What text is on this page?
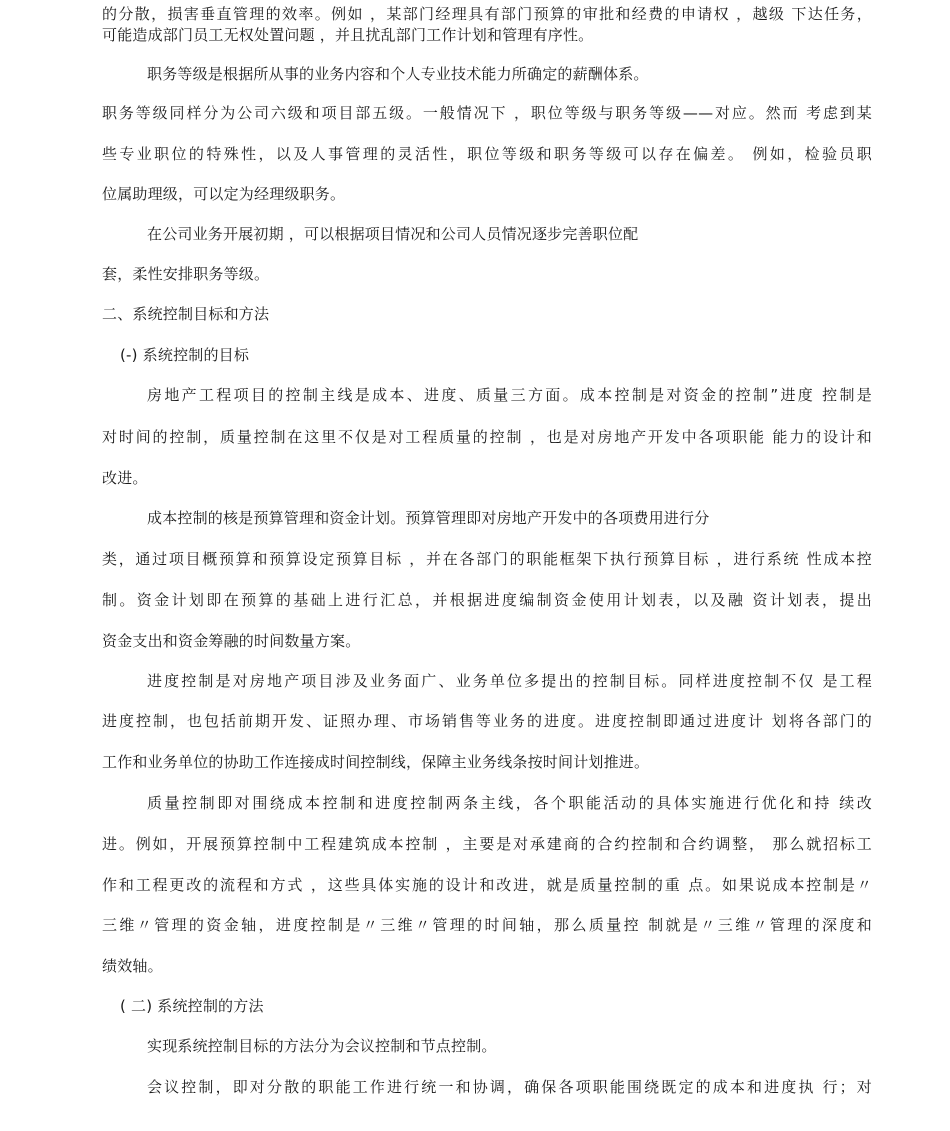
的分散，损害垂直管理的效率。例如 ，某部门经理具有部门预算的审批和经费的申请权 ，越级 下达任务，
可能造成部门员工无权处置问题 ，并且扰乱部门工作计划和管理有序性。
职务等级是根据所从事的业务内容和个人专业技术能力所确定的薪酬体系。
职务等级同样分为公司六级和项目部五级。一般情况下 ，职位等级与职务等级——对应。然而 考虑到某
些专业职位的特殊性，以及人事管理的灵活性，职位等级和职务等级可以存在偏差。 例如，检验员职
位属助理级，可以定为经理级职务。
在公司业务开展初期 ，可以根据项目情况和公司人员情况逐步完善职位配
套，柔性安排职务等级。
二、系统控制目标和方法
(-) 系统控制的目标
房地产工程项目的控制主线是成本、进度、质量三方面。成本控制是对资金的控制”进度 控制是
对时间的控制，质量控制在这里不仅是对工程质量的控制 ，也是对房地产开发中各项职能 能力的设计和
改进。
成本控制的核是预算管理和资金计划。预算管理即对房地产开发中的各项费用进行分
类，通过项目概预算和预算设定预算目标 ，并在各部门的职能框架下执行预算目标 ，进行系统 性成本控
制。资金计划即在预算的基础上进行汇总，并根据进度编制资金使用计划表，以及融 资计划表，提出
资金支出和资金筹融的时间数量方案。
进度控制是对房地产项目涉及业务面广、业务单位多提出的控制目标。同样进度控制不仅 是工程
进度控制，也包括前期开发、证照办理、市场销售等业务的进度。进度控制即通过进度计 划将各部门的
工作和业务单位的协助工作连接成时间控制线，保障主业务线条按时间计划推进。
质量控制即对围绕成本控制和进度控制两条主线，各个职能活动的具体实施进行优化和持 续改
进。例如，开展预算控制中工程建筑成本控制 ，主要是对承建商的合约控制和合约调整， 那么就招标工
作和工程更改的流程和方式 ，这些具体实施的设计和改进，就是质量控制的重 点。如果说成本控制是〃
三维〃管理的资金轴，进度控制是〃三维〃管理的时间轴，那么质量控 制就是〃三维〃管理的深度和
绩效轴。
( 二) 系统控制的方法
实现系统控制目标的方法分为会议控制和节点控制。
会议控制，即对分散的职能工作进行统一和协调，确保各项职能围绕既定的成本和进度执 行；对
